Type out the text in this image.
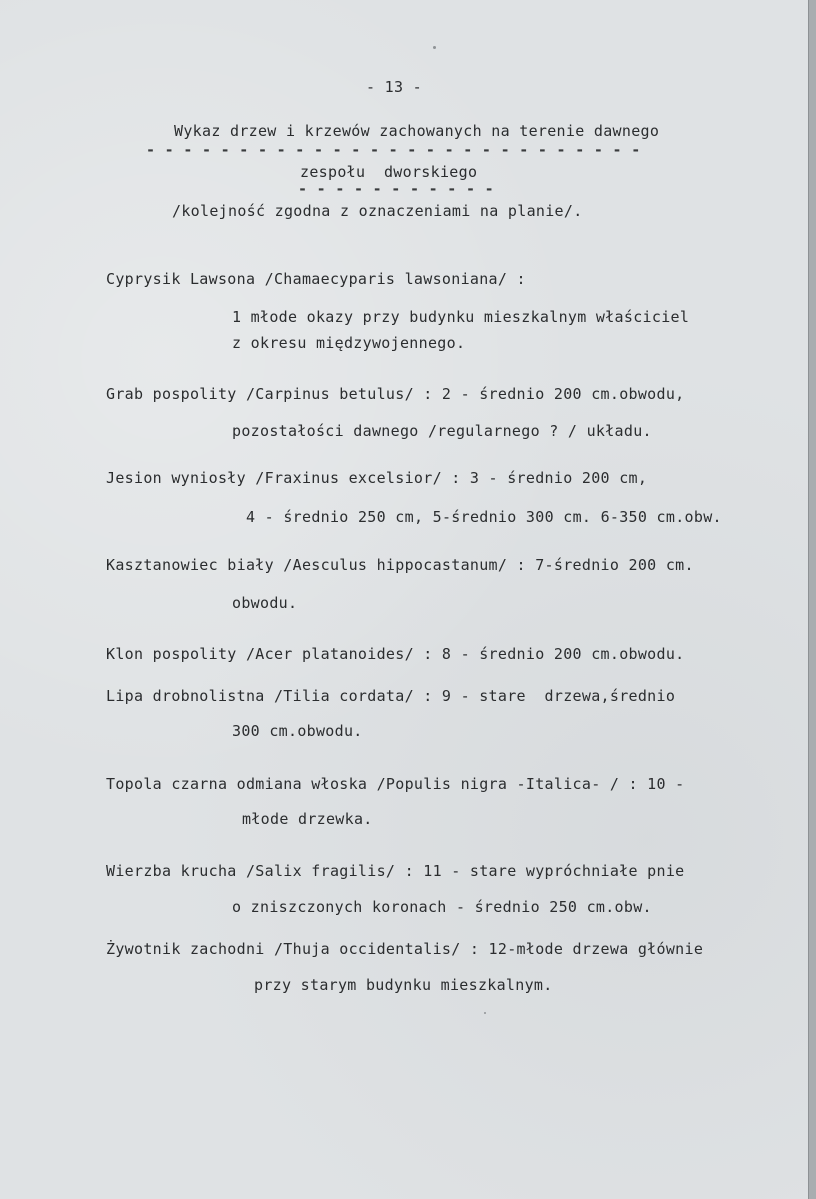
- 13 -

Wykaz drzew i krzewów zachowanych na terenie dawnego

- - - - - - - - - - - - - - - - - - - - - - - - - - -

zespołu  dworskiego

- - - - - - - - - - -

/kolejność zgodna z oznaczeniami na planie/.

Cyprysik Lawsona /Chamaecyparis lawsoniana/ :

1 młode okazy przy budynku mieszkalnym właściciel

z okresu międzywojennego.

Grab pospolity /Carpinus betulus/ : 2 - średnio 200 cm.obwodu,

pozostałości dawnego /regularnego ? / układu.

Jesion wyniosły /Fraxinus excelsior/ : 3 - średnio 200 cm,

4 - średnio 250 cm, 5-średnio 300 cm. 6-350 cm.obw.

Kasztanowiec biały /Aesculus hippocastanum/ : 7-średnio 200 cm.

obwodu.

Klon pospolity /Acer platanoides/ : 8 - średnio 200 cm.obwodu.

Lipa drobnolistna /Tilia cordata/ : 9 - stare  drzewa,średnio

300 cm.obwodu.

Topola czarna odmiana włoska /Populis nigra -Italica- / : 10 -

młode drzewka.

Wierzba krucha /Salix fragilis/ : 11 - stare wypróchniałe pnie

o zniszczonych koronach - średnio 250 cm.obw.

Żywotnik zachodni /Thuja occidentalis/ : 12-młode drzewa głównie

przy starym budynku mieszkalnym.
